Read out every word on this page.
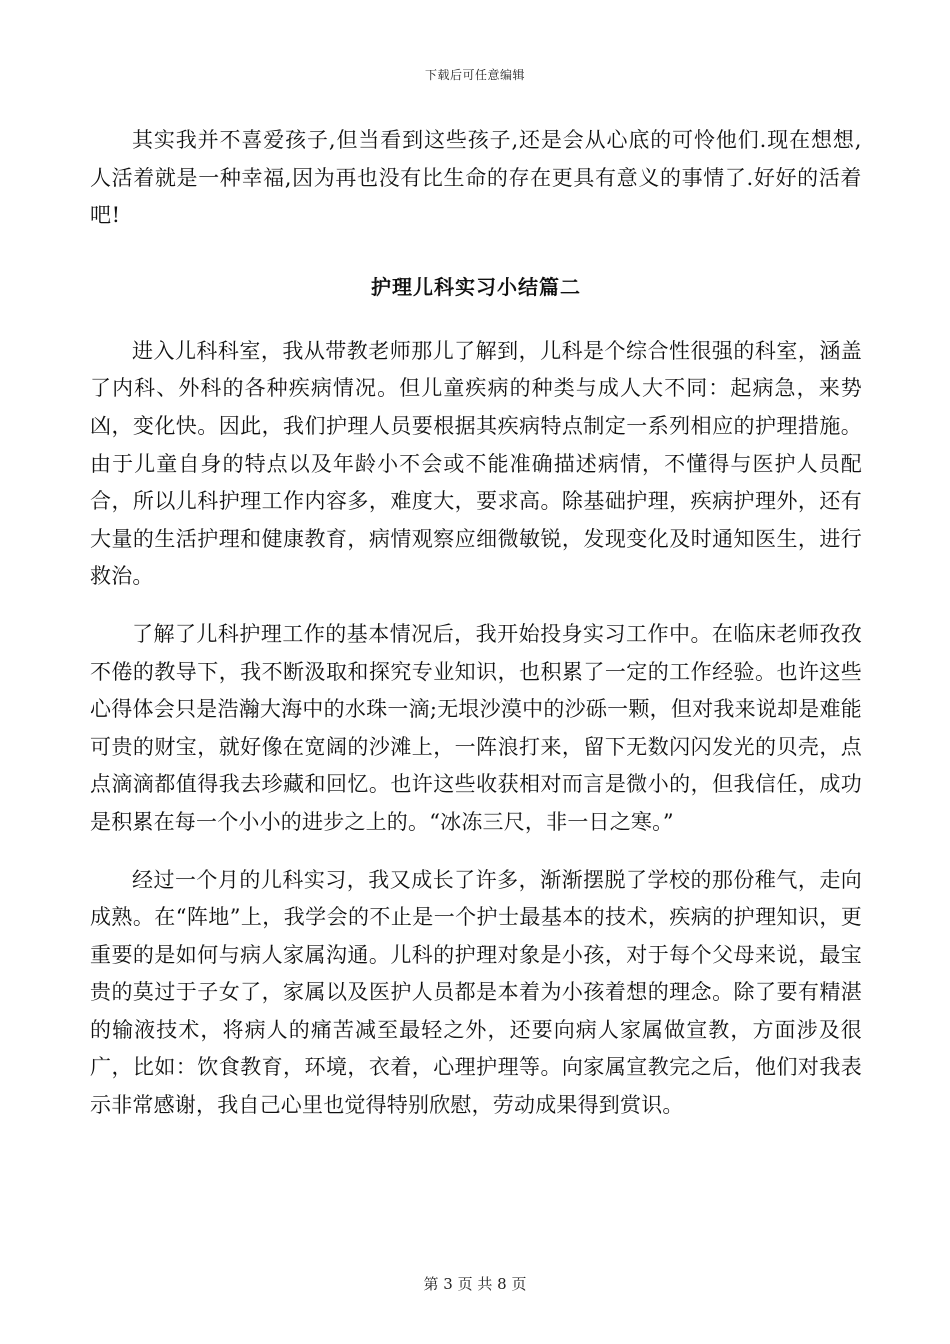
下载后可任意编辑

其实我并不喜爱孩子,但当看到这些孩子,还是会从心底的可怜他们.现在想想,人活着就是一种幸福,因为再也没有比生命的存在更具有意义的事情了.好好的活着吧!

护理儿科实习小结篇二

进入儿科科室，我从带教老师那儿了解到，儿科是个综合性很强的科室，涵盖了内科、外科的各种疾病情况。但儿童疾病的种类与成人大不同：起病急，来势凶，变化快。因此，我们护理人员要根据其疾病特点制定一系列相应的护理措施。由于儿童自身的特点以及年龄小不会或不能准确描述病情，不懂得与医护人员配合，所以儿科护理工作内容多，难度大，要求高。除基础护理，疾病护理外，还有大量的生活护理和健康教育，病情观察应细微敏锐，发现变化及时通知医生，进行救治。

了解了儿科护理工作的基本情况后，我开始投身实习工作中。在临床老师孜孜不倦的教导下，我不断汲取和探究专业知识，也积累了一定的工作经验。也许这些心得体会只是浩瀚大海中的水珠一滴;无垠沙漠中的沙砾一颗，但对我来说却是难能可贵的财宝，就好像在宽阔的沙滩上，一阵浪打来，留下无数闪闪发光的贝壳，点点滴滴都值得我去珍藏和回忆。也许这些收获相对而言是微小的，但我信任，成功是积累在每一个小小的进步之上的。“冰冻三尺，非一日之寒。”

经过一个月的儿科实习，我又成长了许多，渐渐摆脱了学校的那份稚气，走向成熟。在“阵地”上，我学会的不止是一个护士最基本的技术，疾病的护理知识，更重要的是如何与病人家属沟通。儿科的护理对象是小孩，对于每个父母来说，最宝贵的莫过于子女了，家属以及医护人员都是本着为小孩着想的理念。除了要有精湛的输液技术，将病人的痛苦减至最轻之外，还要向病人家属做宣教，方面涉及很广，比如：饮食教育，环境，衣着，心理护理等。向家属宣教完之后，他们对我表示非常感谢，我自己心里也觉得特别欣慰，劳动成果得到赏识。

第 3 页 共 8 页
